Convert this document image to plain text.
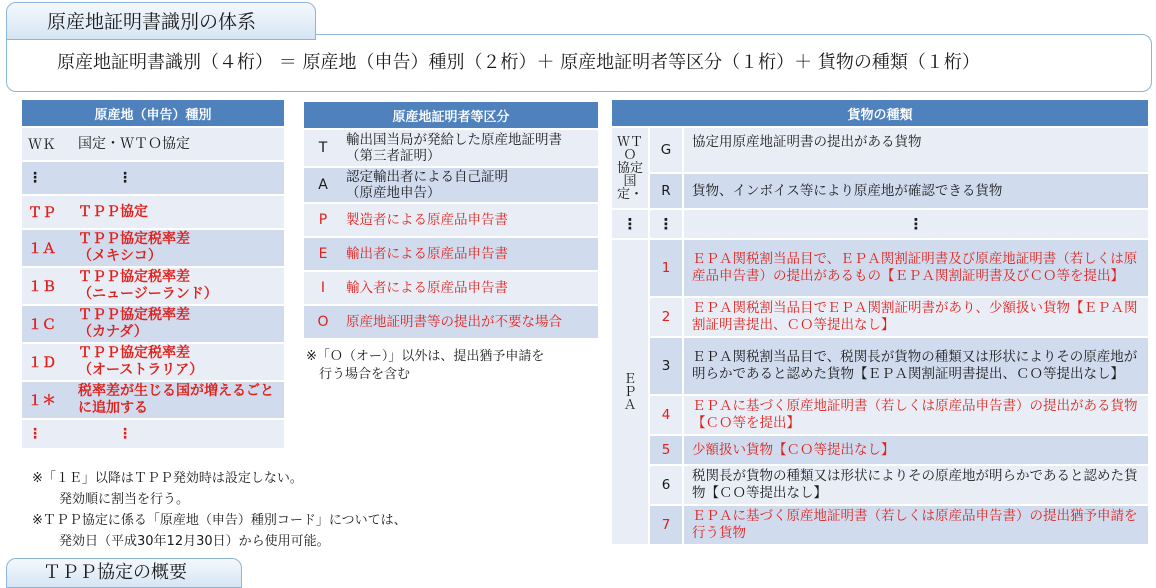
原産地証明書識別の体系
原産地証明書識別（４桁） ＝ 原産地（申告）種別（２桁）＋ 原産地証明者等区分（１桁）＋ 貨物の種類（１桁）
原産地（申告）種別	
ＷＫ	国定・ＷＴＯ協定
⋮	⋮
ＴＰ	ＴＰＰ協定
１Ａ	ＴＰＰ協定税率差
（メキシコ）
１Ｂ	ＴＰＰ協定税率差
（ニュージーランド）
１Ｃ	ＴＰＰ協定税率差
（カナダ）
１Ｄ	ＴＰＰ協定税率差
（オーストラリア）
１＊	税率差が生じる国が増えるごと
に追加する
⋮	⋮
原産地証明者等区分	
T	輸出国当局が発給した原産地証明書
（第三者証明）
A	認定輸出者による自己証明
（原産地申告）
P	製造者による原産品申告書
E	輸出者による原産品申告書
I	輸入者による原産品申告書
O	原産地証明書等の提出が不要な場合
※「Ｏ（オー）」以外は、提出猶予申請を
　行う場合を含む
貨物の種類		
ＷＴＯ
協定
国定・	G	協定用原産地証明書の提出がある貨物
	R	貨物、インボイス等により原産地が確認できる貨物
⋮	⋮	⋮
ＥＰＡ	1	ＥＰＡ関税割当品目で、ＥＰＡ関割証明書及び原産地証明書（若しくは原産品申告書）の提出があるもの【ＥＰＡ関割証明書及びＣＯ等を提出】
	2	ＥＰＡ関税割当品目でＥＰＡ関割証明書があり、少額扱い貨物【ＥＰＡ関割証明書提出、ＣＯ等提出なし】
	3	ＥＰＡ関税割当品目で、税関長が貨物の種類又は形状によりその原産地が明らかであると認めた貨物【ＥＰＡ関割証明書提出、ＣＯ等提出なし】
	4	ＥＰＡに基づく原産地証明書（若しくは原産品申告書）の提出がある貨物【ＣＯ等を提出】
	5	少額扱い貨物【ＣＯ等提出なし】
	6	税関長が貨物の種類又は形状によりその原産地が明らかであると認めた貨物【ＣＯ等提出なし】
	7	ＥＰＡに基づく原産地証明書（若しくは原産品申告書）の提出猶予申請を行う貨物
※「１Ｅ」以降はＴＰＰ発効時は設定しない。
　発効順に割当を行う。
※ＴＰＰ協定に係る「原産地（申告）種別コード」については、
　発効日（平成30年12月30日）から使用可能。
ＴＰＰ協定の概要
